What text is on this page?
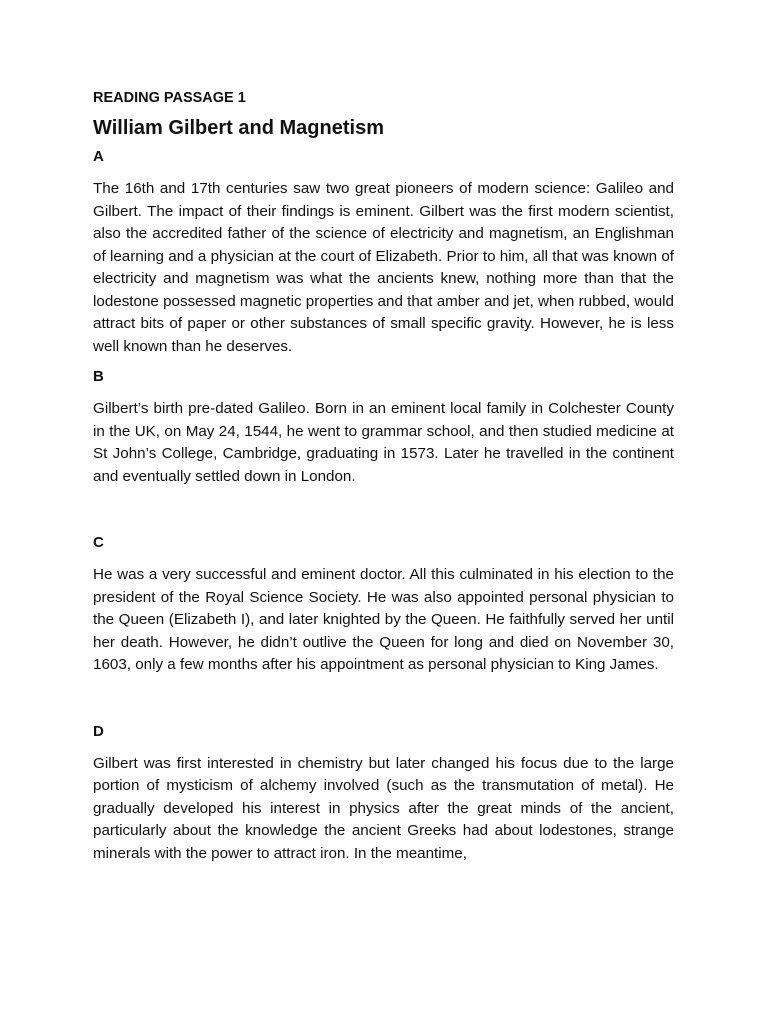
READING PASSAGE 1
William Gilbert and Magnetism
A
The 16th and 17th centuries saw two great pioneers of modern science: Galileo and Gilbert. The impact of their findings is eminent. Gilbert was the first modern scientist, also the accredited father of the science of electricity and magnetism, an Englishman of learning and a physician at the court of Elizabeth. Prior to him, all that was known of electricity and magnetism was what the ancients knew, nothing more than that the lodestone possessed magnetic properties and that amber and jet, when rubbed, would attract bits of paper or other substances of small specific gravity. However, he is less well known than he deserves.
B
Gilbert’s birth pre-dated Galileo. Born in an eminent local family in Colchester County in the UK, on May 24, 1544, he went to grammar school, and then studied medicine at St John’s College, Cambridge, graduating in 1573. Later he travelled in the continent and eventually settled down in London.
C
He was a very successful and eminent doctor. All this culminated in his election to the president of the Royal Science Society. He was also appointed personal physician to the Queen (Elizabeth I), and later knighted by the Queen. He faithfully served her until her death. However, he didn’t outlive the Queen for long and died on November 30, 1603, only a few months after his appointment as personal physician to King James.
D
Gilbert was first interested in chemistry but later changed his focus due to the large portion of mysticism of alchemy involved (such as the transmutation of metal). He gradually developed his interest in physics after the great minds of the ancient, particularly about the knowledge the ancient Greeks had about lodestones, strange minerals with the power to attract iron. In the meantime,
